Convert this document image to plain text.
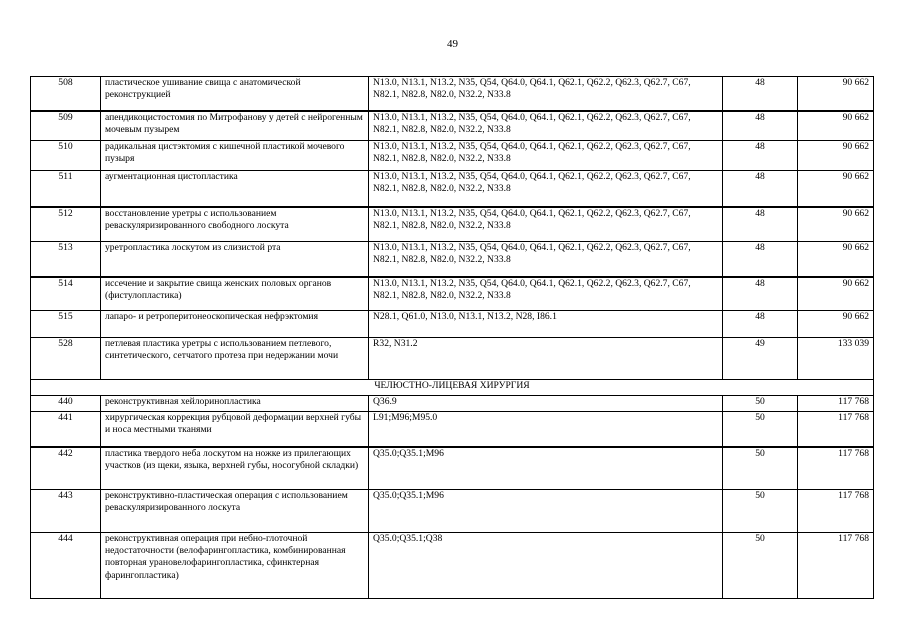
49
508	пластическое ушивание свища с анатомической реконструкцией	N13.0, N13.1, N13.2, N35, Q54, Q64.0, Q64.1, Q62.1, Q62.2, Q62.3, Q62.7, C67, N82.1, N82.8, N82.0, N32.2, N33.8	48	90 662
509	апендикоцистостомия по Митрофанову у детей с нейрогенным мочевым пузырем	N13.0, N13.1, N13.2, N35, Q54, Q64.0, Q64.1, Q62.1, Q62.2, Q62.3, Q62.7, C67, N82.1, N82.8, N82.0, N32.2, N33.8	48	90 662
510	радикальная цистэктомия с кишечной пластикой мочевого пузыря	N13.0, N13.1, N13.2, N35, Q54, Q64.0, Q64.1, Q62.1, Q62.2, Q62.3, Q62.7, C67, N82.1, N82.8, N82.0, N32.2, N33.8	48	90 662
511	аугментационная цистопластика	N13.0, N13.1, N13.2, N35, Q54, Q64.0, Q64.1, Q62.1, Q62.2, Q62.3, Q62.7, C67, N82.1, N82.8, N82.0, N32.2, N33.8	48	90 662
512	восстановление уретры с использованием реваскуляризированного свободного лоскута	N13.0, N13.1, N13.2, N35, Q54, Q64.0, Q64.1, Q62.1, Q62.2, Q62.3, Q62.7, C67, N82.1, N82.8, N82.0, N32.2, N33.8	48	90 662
513	уретропластика лоскутом из слизистой рта	N13.0, N13.1, N13.2, N35, Q54, Q64.0, Q64.1, Q62.1, Q62.2, Q62.3, Q62.7, C67, N82.1, N82.8, N82.0, N32.2, N33.8	48	90 662
514	иссечение и закрытие свища женских половых органов (фистулопластика)	N13.0, N13.1, N13.2, N35, Q54, Q64.0, Q64.1, Q62.1, Q62.2, Q62.3, Q62.7, C67, N82.1, N82.8, N82.0, N32.2, N33.8	48	90 662
515	лапаро- и ретроперитонеоскопическая нефрэктомия	N28.1, Q61.0, N13.0, N13.1, N13.2, N28, I86.1	48	90 662
528	петлевая пластика уретры с использованием петлевого, синтетического, сетчатого протеза при недержании мочи	R32, N31.2	49	133 039
ЧЕЛЮСТНО-ЛИЦЕВАЯ ХИРУРГИЯ				
440	реконструктивная хейлоринопластика	Q36.9	50	117 768
441	хирургическая коррекция рубцовой деформации верхней губы и носа местными тканями	L91;M96;M95.0	50	117 768
442	пластика твердого неба лоскутом на ножке из прилегающих участков (из щеки, языка, верхней губы, носогубной складки)	Q35.0;Q35.1;M96	50	117 768
443	реконструктивно-пластическая операция с использованием реваскуляризированного лоскута	Q35.0;Q35.1;M96	50	117 768
444	реконструктивная операция при небно-глоточной недостаточности (велофарингопластика, комбинированная повторная урановелофарингопластика, сфинктерная фарингопластика)	Q35.0;Q35.1;Q38	50	117 768
